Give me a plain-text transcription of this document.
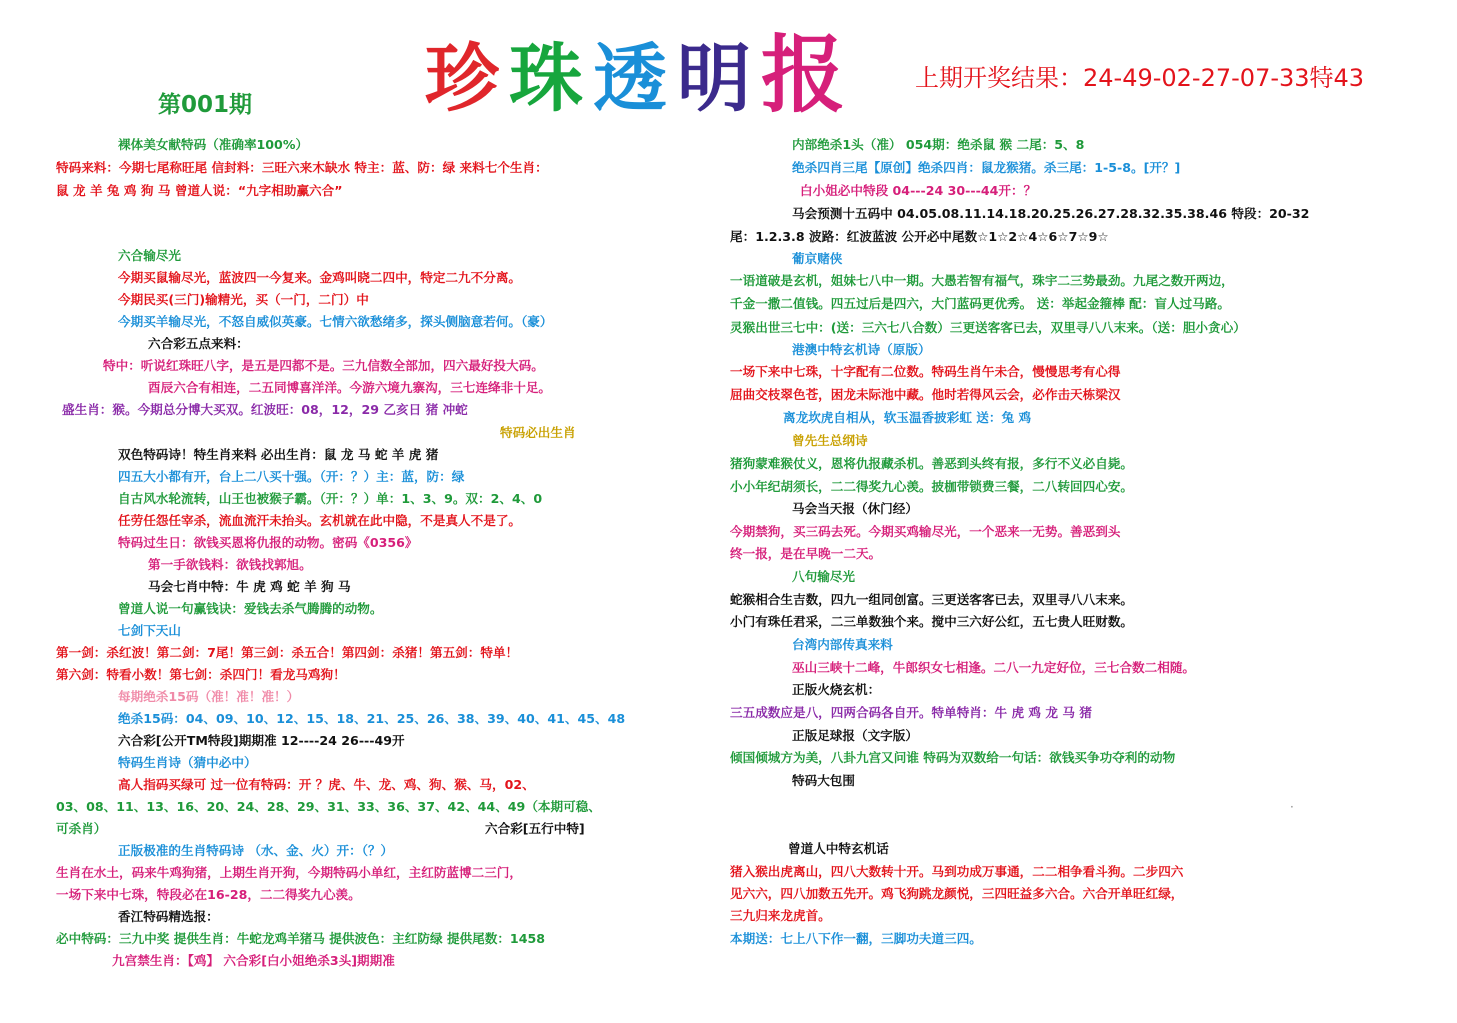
珍 珠 透 明 报
第001期
上期开奖结果：24-49-02-27-07-33特43
裸体美女献特码（准确率100%）
特码来料：今期七尾称旺尾 信封料：三旺六来木缺水 特主：蓝、防：绿 来料七个生肖：
鼠 龙 羊 兔 鸡 狗 马 曾道人说：“九字相助赢六合”
六合输尽光
今期买鼠输尽光，蓝波四一今复来。金鸡叫晓二四中，特定二九不分离。
今期民买(三门)输精光，买（一门，二门）中
今期买羊输尽光，不怒自威似英豪。七情六欲愁绪多，探头侧脑意若何。（豪）
六合彩五点来料：
特中：听说红珠旺八字，是五是四都不是。三九信数全部加，四六最好投大码。
酉辰六合有相连，二五同博喜洋洋。今游六境九寨沟，三七连绛非十足。
盛生肖：猴。今期总分博大买双。红波旺：08，12，29 乙亥日 猪 冲蛇
特码必出生肖
双色特码诗！特生肖来料 必出生肖：鼠 龙 马 蛇 羊 虎 猪
四五大小都有开，台上二八买十强。（开：？）主：蓝，防：绿
自古风水轮流转，山王也被猴子霸。（开：？）单：1、3、9。双：2、4、0
任劳任怨任宰杀，流血流汗未抬头。玄机就在此中隐，不是真人不是了。
特码过生日：欲钱买恩将仇报的动物。密码《0356》
第一手欲钱料：欲钱找郭旭。
马会七肖中特：牛 虎 鸡 蛇 羊 狗 马
曾道人说一句赢钱诀：爱钱去杀气腾腾的动物。
七剑下天山
第一剑：杀红波！第二剑：7尾！第三剑：杀五合！第四剑：杀猪！第五剑：特单！
第六剑：特看小数！第七剑：杀四门！看龙马鸡狗！
每期绝杀15码（准！准！准！）
绝杀15码：04、09、10、12、15、18、21、25、26、38、39、40、41、45、48
六合彩[公开TM特段]期期准 12----24 26---49开
特码生肖诗（猜中必中）
高人指码买绿可 过一位有特码：开 ？虎、牛、龙、鸡、狗、猴、马，02、
03、08、11、13、16、20、24、28、29、31、33、36、37、42、44、49（本期可稳、
可杀肖）	六合彩[五行中特]
正版极准的生肖特码诗 （水、金、火）开：（？）
生肖在水土，码来牛鸡狗猪，上期生肖开狗，今期特码小单红，主红防蓝博二三门，
一场下来中七珠，特段必在16-28，二二得奖九心羡。
香江特码精选报：
必中特码：三九中奖 提供生肖：牛蛇龙鸡羊猪马 提供波色：主红防绿 提供尾数：1458
九宫禁生肖：【鸡】 六合彩[白小姐绝杀3头]期期准
内部绝杀1头（准） 054期：绝杀鼠 猴 二尾：5、8
绝杀四肖三尾【原创】绝杀四肖：鼠龙猴猪。杀三尾：1-5-8。[开？]
白小姐必中特段 04---24 30---44开：？
马会预测十五码中 04.05.08.11.14.18.20.25.26.27.28.32.35.38.46 特段：20-32
尾：1.2.3.8 波路：红波蓝波 公开必中尾数☆1☆2☆4☆6☆7☆9☆
葡京赌侠
一语道破是玄机，姐妹七八中一期。大愚若智有福气，珠宇二三势最劲。九尾之数开两边，
千金一撒二值钱。四五过后是四六，大门蓝码更优秀。 送：举起金箍棒 配：盲人过马路。
灵猴出世三七中：(送：三六七八合数）三更送客客已去，双里寻八八末来。（送：胆小贪心）
港澳中特玄机诗（原版）
一场下来中七珠，十字配有二位数。特码生肖午未合，慢慢思考有心得
屈曲交枝翠色苍，困龙未际池中藏。他时若得风云会，必作击天栋梁汉
离龙坎虎自相从，软玉温香披彩虹 送：兔 鸡
曾先生总纲诗
猪狗蒙难猴仗义，恩将仇报藏杀机。善恶到头终有报，多行不义必自毙。
小小年纪胡须长，二二得奖九心羡。披枷带锁费三餐，二八转回四心安。
马会当天报（休门经）
今期禁狗，买三码去死。今期买鸡输尽光，一个恶来一无势。善恶到头
终一报，是在早晚一二天。
八句输尽光
蛇猴相合生吉数，四九一组同创富。三更送客客已去，双里寻八八末来。
小门有珠任君采，二三单数独个来。搅中三六好公红，五七贵人旺财数。
台湾内部传真来料
巫山三峡十二峰，牛郎织女七相逢。二八一九定好位，三七合数二相随。
正版火烧玄机：
三五成数应是八，四两合码各自开。特单特肖：牛 虎 鸡 龙 马 猪
正版足球报（文字版）
倾国倾城方为美，八卦九宫又问谁 特码为双数给一句话：欲钱买争功夺利的动物
特码大包围
曾道人中特玄机话
猪入猴出虎离山，四八大数转十开。马到功成万事通，二二相争看斗狗。二步四六
见六六，四八加数五先开。鸡飞狗跳龙颜悦，三四旺益多六合。六合开单旺红绿，
三九归来龙虎首。
本期送：七上八下作一翻，三脚功夫道三四。
·
